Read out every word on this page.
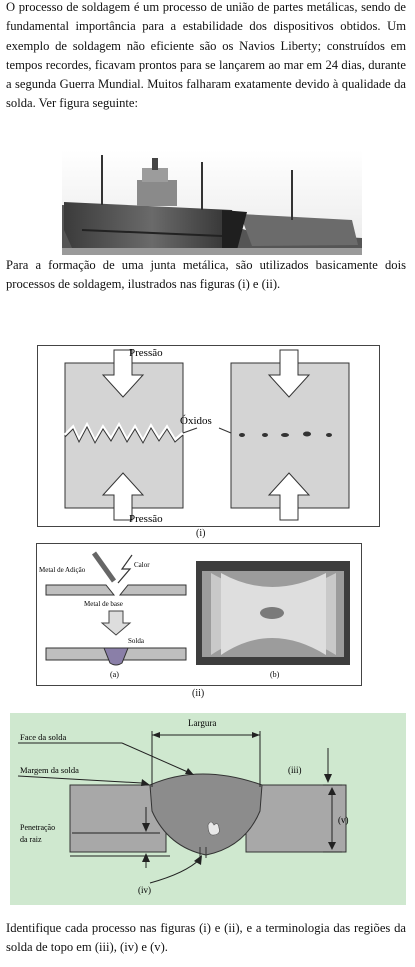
O processo de soldagem é um processo de união de partes metálicas, sendo de fundamental importância para a estabilidade dos dispositivos obtidos. Um exemplo de soldagem não eficiente são os Navios Liberty; construídos em tempos recordes, ficavam prontos para se lançarem ao mar em 24 dias, durante a segunda Guerra Mundial. Muitos falharam exatamente devido à qualidade da solda. Ver figura seguinte:

Para a formação de uma junta metálica, são utilizados basicamente dois processos de soldagem, ilustrados nas figuras (i) e (ii).

Pressão
Pressão
Óxidos
(i)
Metal de Adição
Calor
Metal de base
Solda
(a)	(b)
(ii)
Largura
Face da solda
Margem da solda
Penetração
da raiz
(iii)
(iv)
(v)

Identifique cada processo nas figuras (i) e (ii), e a terminologia das regiões da solda de topo em (iii), (iv) e (v).
